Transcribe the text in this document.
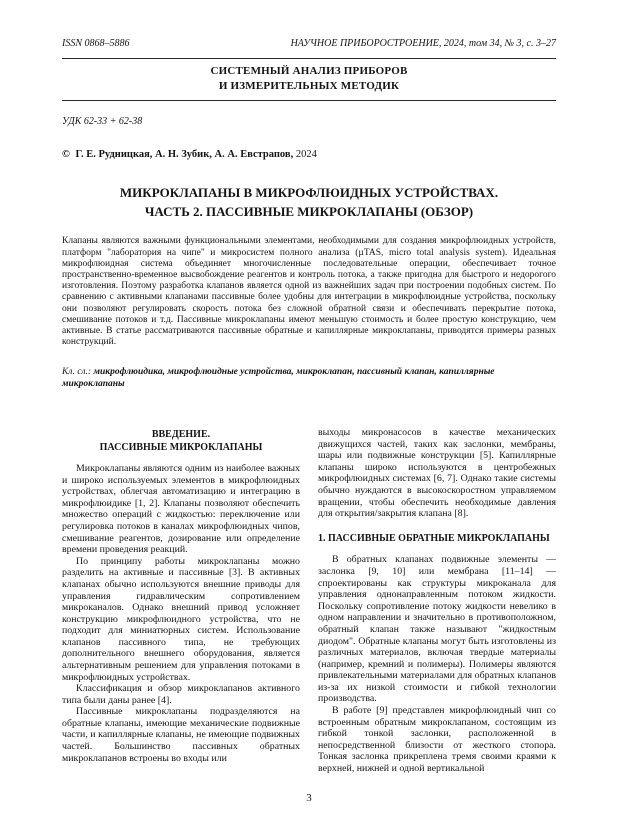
ISSN 0868–5886	НАУЧНОЕ ПРИБОРОСТРОЕНИЕ, 2024, том 34, № 3, с. 3–27
СИСТЕМНЫЙ АНАЛИЗ ПРИБОРОВ
И ИЗМЕРИТЕЛЬНЫХ МЕТОДИК
УДК 62-33 + 62-38
© Г. Е. Рудницкая, А. Н. Зубик, А. А. Евстрапов, 2024
МИКРОКЛАПАНЫ В МИКРОФЛЮИДНЫХ УСТРОЙСТВАХ.
ЧАСТЬ 2. ПАССИВНЫЕ МИКРОКЛАПАНЫ (ОБЗОР)
Клапаны являются важными функциональными элементами, необходимыми для создания микрофлюидных устройств, платформ "лаборатория на чипе" и микросистем полного анализа (µTAS, micro total analysis system). Идеальная микрофлюидная система объединяет многочисленные последовательные операции, обеспечивает точное пространственно-временное высвобождение реагентов и контроль потока, а также пригодна для быстрого и недорогого изготовления. Поэтому разработка клапанов является одной из важнейших задач при построении подобных систем. По сравнению с активными клапанами пассивные более удобны для интеграции в микрофлюидные устройства, поскольку они позволяют регулировать скорость потока без сложной обратной связи и обеспечивать перекрытие потока, смешивание потоков и т.д. Пассивные микроклапаны имеют меньшую стоимость и более простую конструкцию, чем активные. В статье рассматриваются пассивные обратные и капиллярные микроклапаны, приводятся примеры разных конструкций.
Кл. сл.: микрофлюидика, микрофлюидные устройства, микроклапан, пассивный клапан, капиллярные микроклапаны
ВВЕДЕНИЕ.
ПАССИВНЫЕ МИКРОКЛАПАНЫ

Микроклапаны являются одним из наиболее важных и широко используемых элементов в микрофлюидных устройствах, облегчая автоматизацию и интеграцию в микрофлюидике [1, 2]. Клапаны позволяют обеспечить множество операций с жидкостью: переключение или регулировка потоков в каналах микрофлюидных чипов, смешивание реагентов, дозирование или определение времени проведения реакций.

По принципу работы микроклапаны можно разделить на активные и пассивные [3]. В активных клапанах обычно используются внешние приводы для управления гидравлическим сопротивлением микроканалов. Однако внешний привод усложняет конструкцию микрофлюидного устройства, что не подходит для миниатюрных систем. Использование клапанов пассивного типа, не требующих дополнительного внешнего оборудования, является альтернативным решением для управления потоками в микрофлюидных устройствах.

Классификация и обзор микроклапанов активного типа были даны ранее [4].

Пассивные микроклапаны подразделяются на обратные клапаны, имеющие механические подвижные части, и капиллярные клапаны, не имеющие подвижных частей. Большинство пассивных обратных микроклапанов встроены во входы или

выходы микронасосов в качестве механических движущихся частей, таких как заслонки, мембраны, шары или подвижные конструкции [5]. Капиллярные клапаны широко используются в центробежных микрофлюидных системах [6, 7]. Однако такие системы обычно нуждаются в высокоскоростном управляемом вращении, чтобы обеспечить необходимые давления для открытия/закрытия клапана [8].

1. ПАССИВНЫЕ ОБРАТНЫЕ МИКРОКЛАПАНЫ

В обратных клапанах подвижные элементы — заслонка [9, 10] или мембрана [11–14] — спроектированы как структуры микроканала для управления однонаправленным потоком жидкости. Поскольку сопротивление потоку жидкости невелико в одном направлении и значительно в противоположном, обратный клапан также называют "жидкостным диодом". Обратные клапаны могут быть изготовлены из различных материалов, включая твердые материалы (например, кремний и полимеры). Полимеры являются привлекательными материалами для обратных клапанов из-за их низкой стоимости и гибкой технологии производства.

В работе [9] представлен микрофлюидный чип со встроенным обратным микроклапаном, состоящим из гибкой тонкой заслонки, расположенной в непосредственной близости от жесткого стопора. Тонкая заслонка прикреплена тремя своими краями к верхней, нижней и одной вертикальной

3
